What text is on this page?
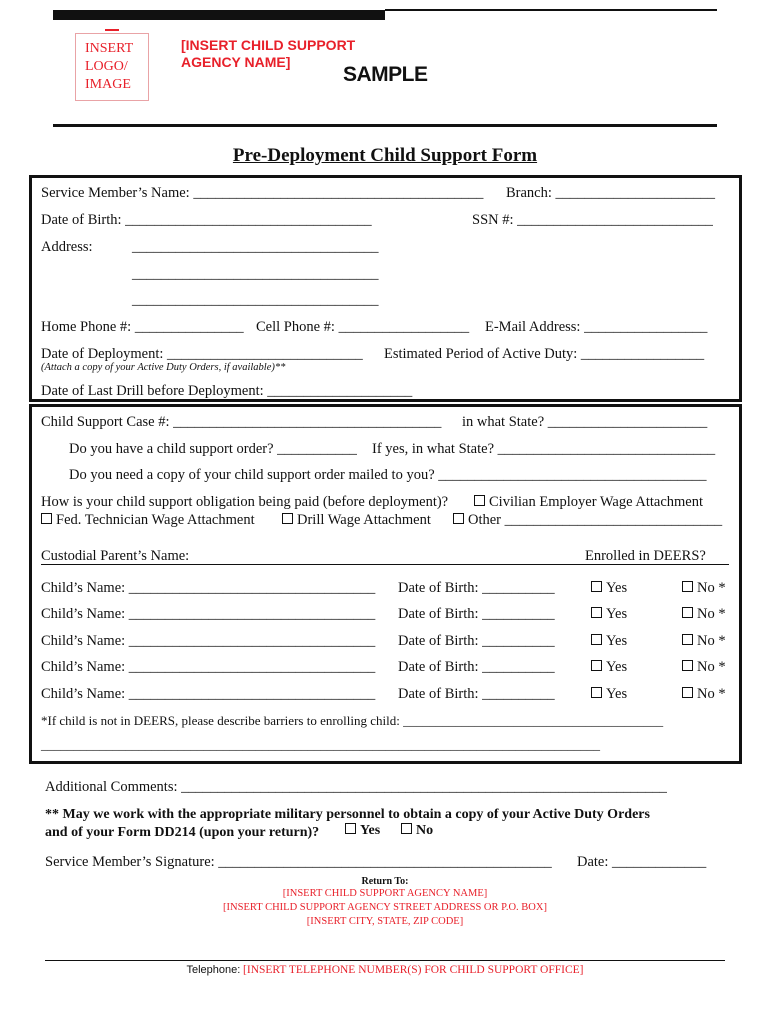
INSERT
LOGO/
IMAGE
[INSERT CHILD SUPPORT
AGENCY NAME]
SAMPLE
Pre-Deployment Child Support Form
Service Member’s Name: ________________________________________ Branch: ______________________
Date of Birth: __________________________________	SSN #: ___________________________
Address:	__________________________________
__________________________________
__________________________________
Home Phone #: _______________ Cell Phone #: __________________ E-Mail Address: _________________
Date of Deployment: ___________________________ Estimated Period of Active Duty: _________________
(Attach a copy of your Active Duty Orders, if available)**
Date of Last Drill before Deployment: ____________________
Child Support Case #: _____________________________________ in what State? ______________________
Do you have a child support order? ___________ If yes, in what State? ______________________________
Do you need a copy of your child support order mailed to you? _____________________________________
How is your child support obligation being paid (before deployment)?	Civilian Employer Wage Attachment
Fed. Technician Wage Attachment	Drill Wage Attachment	Other ______________________________
Custodial Parent’s Name:	Enrolled in DEERS?
Child’s Name: __________________________________ Date of Birth: __________	Yes	No *
Child’s Name: __________________________________ Date of Birth: __________	Yes	No *
Child’s Name: __________________________________ Date of Birth: __________	Yes	No *
Child’s Name: __________________________________ Date of Birth: __________	Yes	No *
Child’s Name: __________________________________ Date of Birth: __________	Yes	No *
*If child is not in DEERS, please describe barriers to enrolling child: ________________________________________
______________________________________________________________________________________
Additional Comments: ___________________________________________________________________
** May we work with the appropriate military personnel to obtain a copy of your Active Duty Orders
and of your Form DD214 (upon your return)?	Yes	No
Service Member’s Signature: ______________________________________________ Date: _____________
Return To:
[INSERT CHILD SUPPORT AGENCY NAME]
[INSERT CHILD SUPPORT AGENCY STREET ADDRESS OR P.O. BOX]
[INSERT CITY, STATE, ZIP CODE]
Telephone: [INSERT TELEPHONE NUMBER(S) FOR CHILD SUPPORT OFFICE]
